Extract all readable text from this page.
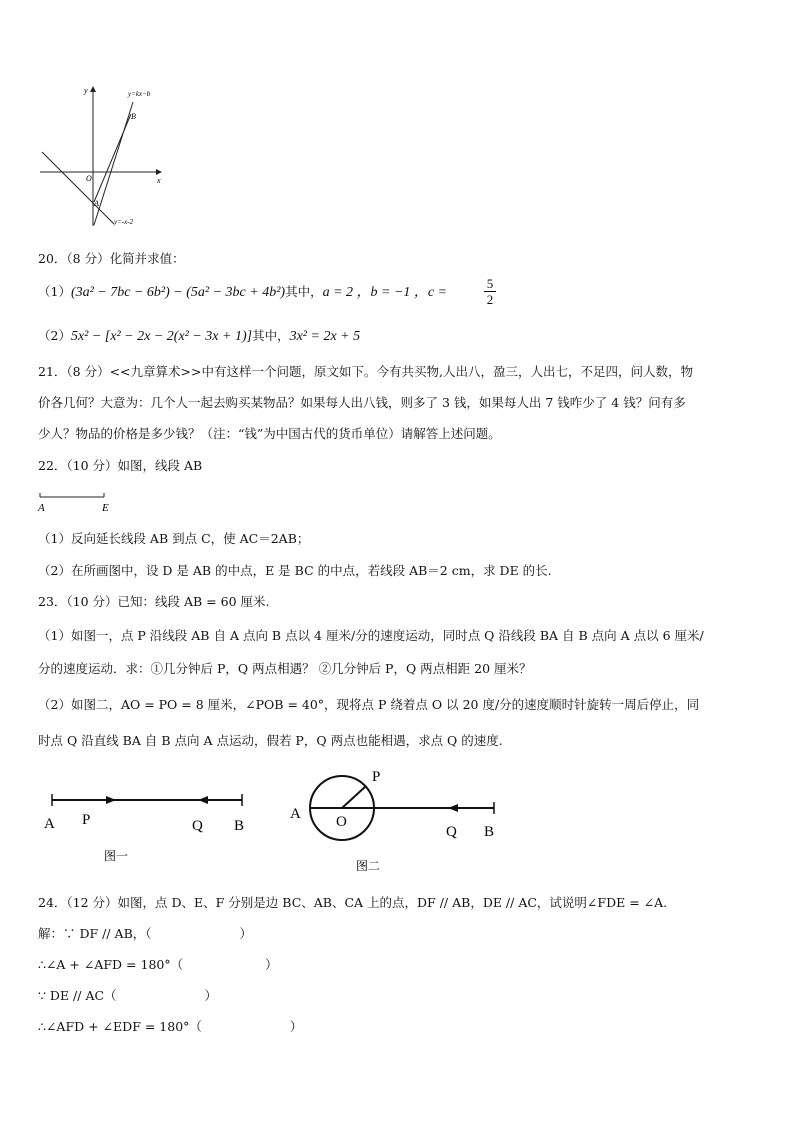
y
x
O
B
A
y=kx−b
y=-x-2
20．（8 分）化简并求值：
（1）(3a² − 7bc − 6b²) − (5a² − 3bc + 4b²)其中，a = 2 ，b = −1 ，c =	$\frac{5}{2}$
（2）5x² − [x² − 2x − 2(x² − 3x + 1)]其中，3x² = 2x + 5
21．（8 分）<<九章算术>>中有这样一个问题，原文如下。今有共买物,人出八，盈三，人出七，不足四，问人数，物
价各几何？大意为：几个人一起去购买某物品？如果每人出八钱，则多了 3 钱，如果每人出 7 钱咋少了 4 钱？问有多
少人？物品的价格是多少钱？（注：“钱”为中国古代的货币单位）请解答上述问题。
22．（10 分）如图，线段 AB
A	E
（1）反向延长线段 AB 到点 C，使 AC＝2AB；
（2）在所画图中，设 D 是 AB 的中点，E 是 BC 的中点，若线段 AB＝2 cm，求 DE 的长.
23．（10 分）已知：线段 AB = 60 厘米.
（1）如图一，点 P 沿线段 AB 自 A 点向 B 点以 4 厘米/分的速度运动，同时点 Q 沿线段 BA 自 B 点向 A 点以 6 厘米/
分的速度运动．求：①几分钟后 P，Q 两点相遇？ ②几分钟后 P，Q 两点相距 20 厘米？
（2）如图二，AO = PO = 8 厘米，∠POB = 40°，现将点 P 绕着点 O 以 20 度/分的速度顺时针旋转一周后停止，同
时点 Q 沿直线 BA 自 B 点向 A 点运动，假若 P，Q 两点也能相遇，求点 Q 的速度.
A P	Q B
图一
A O
P
Q B
图二
24．（12 分）如图，点 D、E、F 分别是边 BC、AB、CA 上的点，DF // AB，DE // AC，试说明∠FDE = ∠A.
解：∵ DF // AB，（	）
∴∠A + ∠AFD = 180°（	）
∵ DE // AC（	）
∴∠AFD + ∠EDF = 180°（	）
